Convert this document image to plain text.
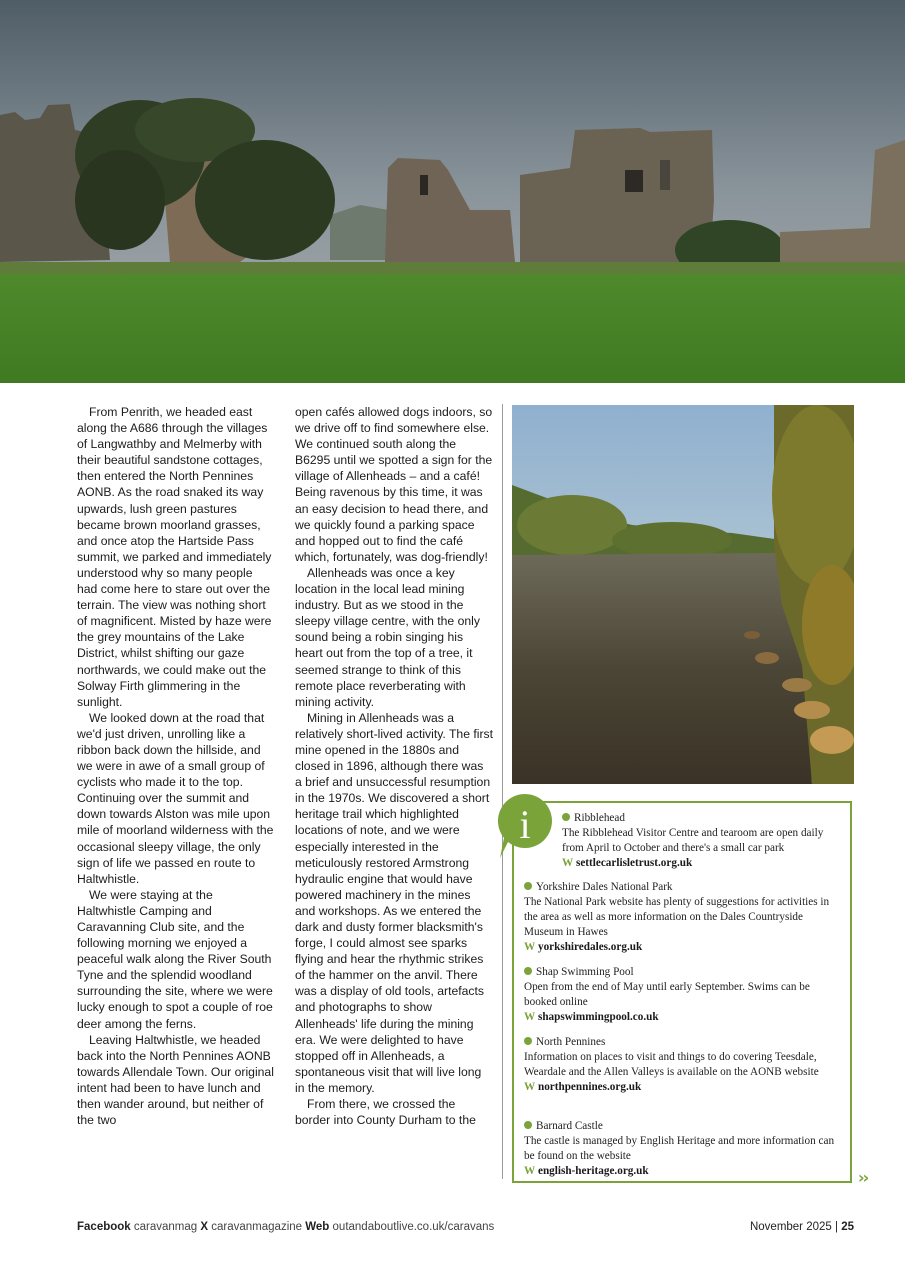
From Penrith, we headed east along the A686 through the villages of Langwathby and Melmerby with their beautiful sandstone cottages, then entered the North Pennines AONB. As the road snaked its way upwards, lush green pastures became brown moorland grasses, and once atop the Hartside Pass summit, we parked and immediately understood why so many people had come here to stare out over the terrain. The view was nothing short of magnificent. Misted by haze were the grey mountains of the Lake District, whilst shifting our gaze northwards, we could make out the Solway Firth glimmering in the sunlight.

We looked down at the road that we'd just driven, unrolling like a ribbon back down the hillside, and we were in awe of a small group of cyclists who made it to the top. Continuing over the summit and down towards Alston was mile upon mile of moorland wilderness with the occasional sleepy village, the only sign of life we passed en route to Haltwhistle.

We were staying at the Haltwhistle Camping and Caravanning Club site, and the following morning we enjoyed a peaceful walk along the River South Tyne and the splendid woodland surrounding the site, where we were lucky enough to spot a couple of roe deer among the ferns.

Leaving Haltwhistle, we headed back into the North Pennines AONB towards Allendale Town. Our original intent had been to have lunch and then wander around, but neither of the two

open cafés allowed dogs indoors, so we drive off to find somewhere else. We continued south along the B6295 until we spotted a sign for the village of Allenheads – and a café! Being ravenous by this time, it was an easy decision to head there, and we quickly found a parking space and hopped out to find the café which, fortunately, was dog-friendly!

Allenheads was once a key location in the local lead mining industry. But as we stood in the sleepy village centre, with the only sound being a robin singing his heart out from the top of a tree, it seemed strange to think of this remote place reverberating with mining activity.

Mining in Allenheads was a relatively short-lived activity. The first mine opened in the 1880s and closed in 1896, although there was a brief and unsuccessful resumption in the 1970s. We discovered a short heritage trail which highlighted locations of note, and we were especially interested in the meticulously restored Armstrong hydraulic engine that would have powered machinery in the mines and workshops. As we entered the dark and dusty former blacksmith's forge, I could almost see sparks flying and hear the rhythmic strikes of the hammer on the anvil. There was a display of old tools, artefacts and photographs to show Allenheads' life during the mining era. We were delighted to have stopped off in Allenheads, a spontaneous visit that will live long in the memory.

From there, we crossed the border into County Durham to the

Ribblehead
The Ribblehead Visitor Centre and tearoom are open daily from April to October and there's a small car park
W settlecarlisletrust.org.uk
Yorkshire Dales National Park
The National Park website has plenty of suggestions for activities in the area as well as more information on the Dales Countryside Museum in Hawes
W yorkshiredales.org.uk
Shap Swimming Pool
Open from the end of May until early September. Swims can be booked online
W shapswimmingpool.co.uk
North Pennines
Information on places to visit and things to do covering Teesdale, Weardale and the Allen Valleys is available on the AONB website
W northpennines.org.uk
Barnard Castle
The castle is managed by English Heritage and more information can be found on the website
W english-heritage.org.uk
i
››
Facebook caravanmag X caravanmagazine Web outandaboutlive.co.uk/caravans	November 2025 | 25
